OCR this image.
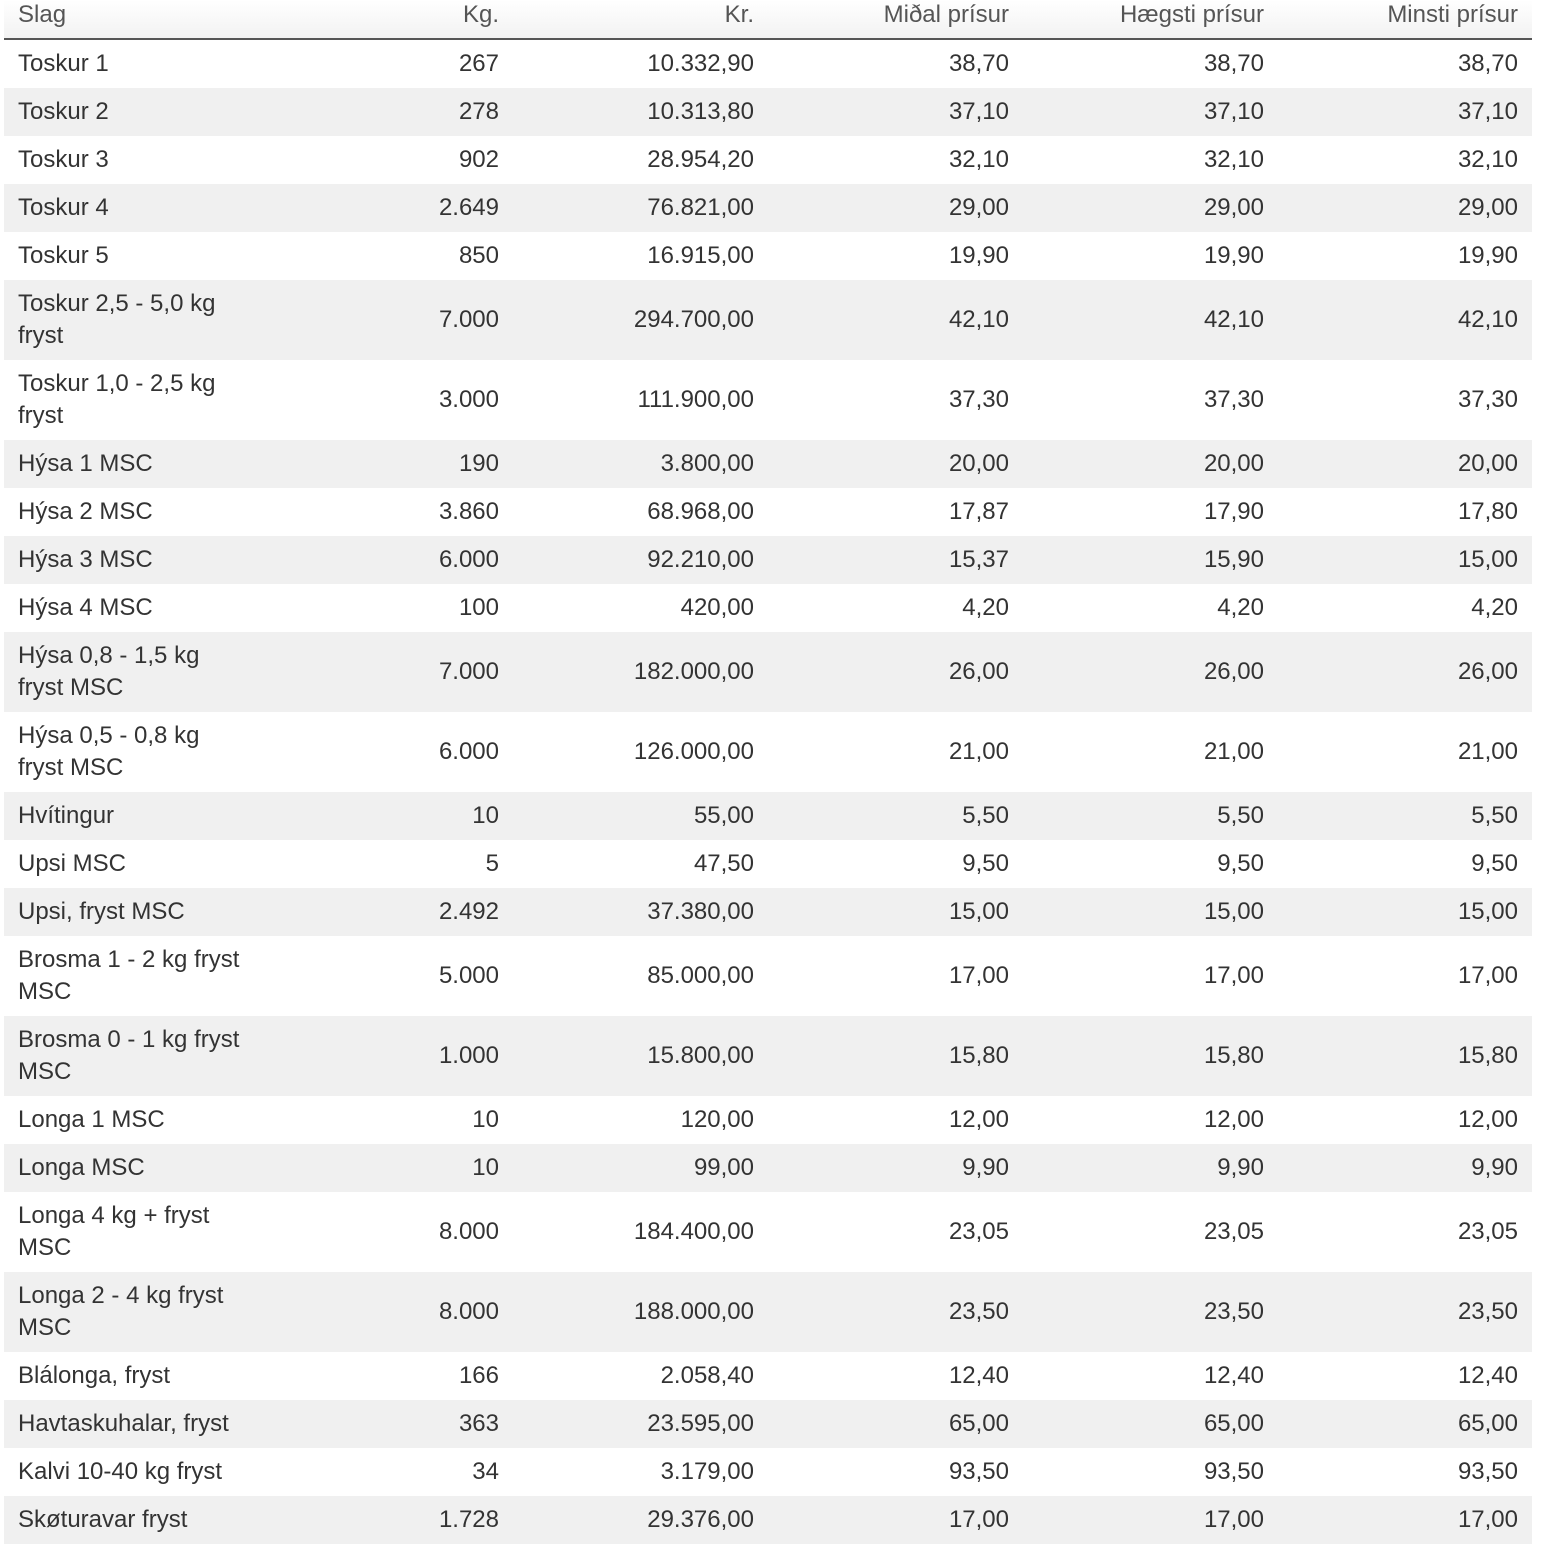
Slag	Kg.	Kr.	Miðal prísur	Hægsti prísur	Minsti prísur
Toskur 1	267	10.332,90	38,70	38,70	38,70
Toskur 2	278	10.313,80	37,10	37,10	37,10
Toskur 3	902	28.954,20	32,10	32,10	32,10
Toskur 4	2.649	76.821,00	29,00	29,00	29,00
Toskur 5	850	16.915,00	19,90	19,90	19,90
Toskur 2,5 - 5,0 kg fryst	7.000	294.700,00	42,10	42,10	42,10
Toskur 1,0 - 2,5 kg fryst	3.000	111.900,00	37,30	37,30	37,30
Hýsa 1 MSC	190	3.800,00	20,00	20,00	20,00
Hýsa 2 MSC	3.860	68.968,00	17,87	17,90	17,80
Hýsa 3 MSC	6.000	92.210,00	15,37	15,90	15,00
Hýsa 4 MSC	100	420,00	4,20	4,20	4,20
Hýsa 0,8 - 1,5 kg fryst MSC	7.000	182.000,00	26,00	26,00	26,00
Hýsa 0,5 - 0,8 kg fryst MSC	6.000	126.000,00	21,00	21,00	21,00
Hvítingur	10	55,00	5,50	5,50	5,50
Upsi MSC	5	47,50	9,50	9,50	9,50
Upsi, fryst MSC	2.492	37.380,00	15,00	15,00	15,00
Brosma 1 - 2 kg fryst MSC	5.000	85.000,00	17,00	17,00	17,00
Brosma 0 - 1 kg fryst MSC	1.000	15.800,00	15,80	15,80	15,80
Longa 1 MSC	10	120,00	12,00	12,00	12,00
Longa MSC	10	99,00	9,90	9,90	9,90
Longa 4 kg + fryst MSC	8.000	184.400,00	23,05	23,05	23,05
Longa 2 - 4 kg fryst MSC	8.000	188.000,00	23,50	23,50	23,50
Blálonga, fryst	166	2.058,40	12,40	12,40	12,40
Havtaskuhalar, fryst	363	23.595,00	65,00	65,00	65,00
Kalvi 10-40 kg fryst	34	3.179,00	93,50	93,50	93,50
Skøturavar fryst	1.728	29.376,00	17,00	17,00	17,00
